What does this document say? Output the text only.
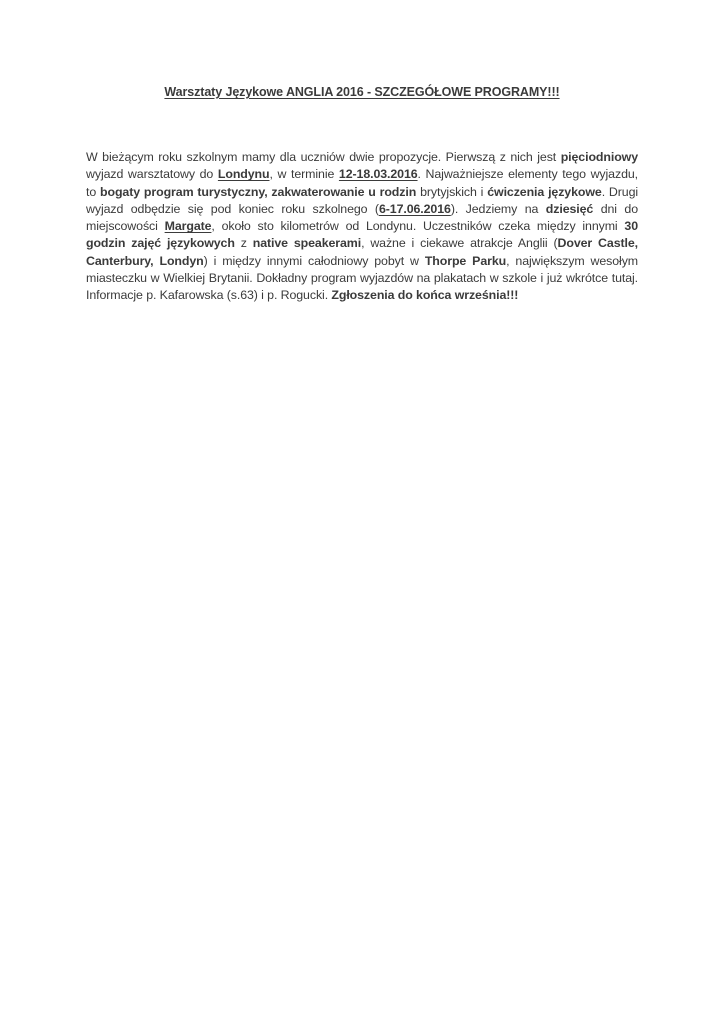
Warsztaty Językowe ANGLIA 2016 - SZCZEGÓŁOWE PROGRAMY!!!

W bieżącym roku szkolnym mamy dla uczniów dwie propozycje. Pierwszą z nich jest pięciodniowy wyjazd warsztatowy do Londynu, w terminie 12-18.03.2016. Najważniejsze elementy tego wyjazdu, to bogaty program turystyczny, zakwaterowanie u rodzin brytyjskich i ćwiczenia językowe. Drugi wyjazd odbędzie się pod koniec roku szkolnego (6-17.06.2016). Jedziemy na dziesięć dni do miejscowości Margate, około sto kilometrów od Londynu. Uczestników czeka między innymi 30 godzin zajęć językowych z native speakerami, ważne i ciekawe atrakcje Anglii (Dover Castle, Canterbury, Londyn) i między innymi całodniowy pobyt w Thorpe Parku, największym wesołym miasteczku w Wielkiej Brytanii. Dokładny program wyjazdów na plakatach w szkole i już wkrótce tutaj. Informacje p. Kafarowska (s.63) i p. Rogucki. Zgłoszenia do końca września!!!
